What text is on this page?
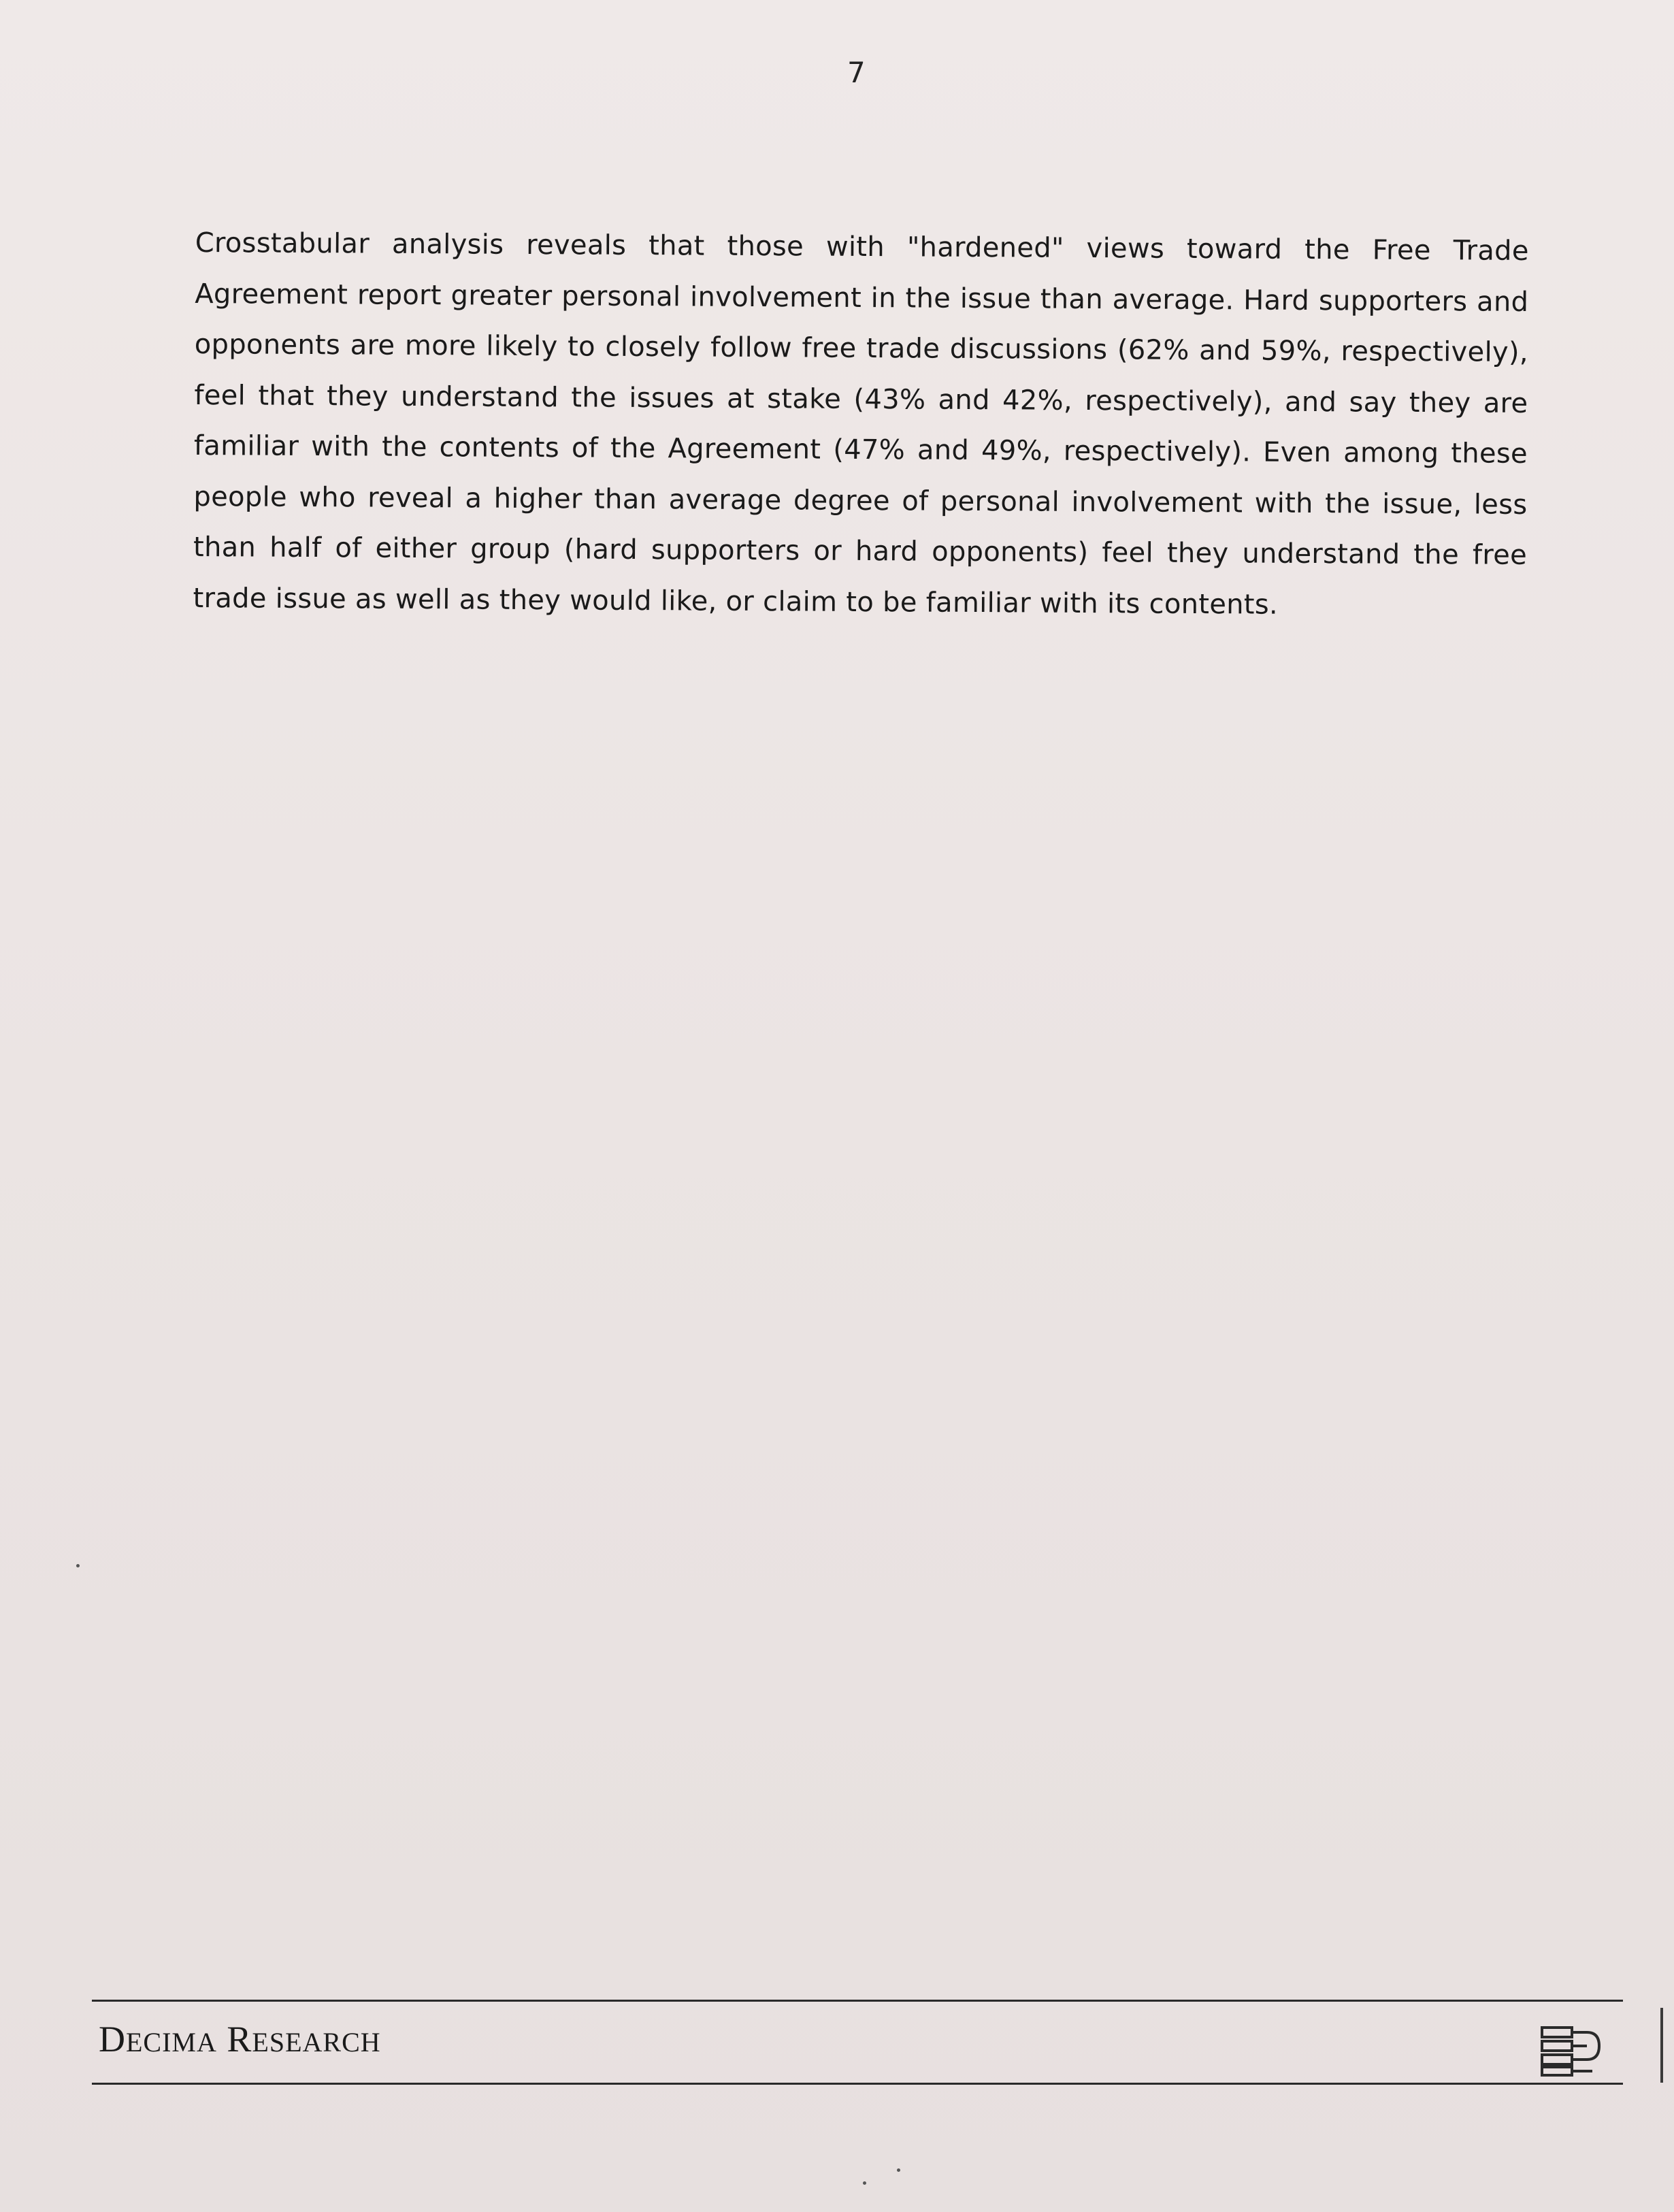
7

Crosstabular analysis reveals that those with "hardened" views toward the Free Trade Agreement report greater personal involvement in the issue than average. Hard supporters and opponents are more likely to closely follow free trade discussions (62% and 59%, respectively), feel that they understand the issues at stake (43% and 42%, respectively), and say they are familiar with the contents of the Agreement (47% and 49%, respectively). Even among these people who reveal a higher than average degree of personal involvement with the issue, less than half of either group (hard supporters or hard opponents) feel they understand the free trade issue as well as they would like, or claim to be familiar with its contents.

DECIMA RESEARCH
